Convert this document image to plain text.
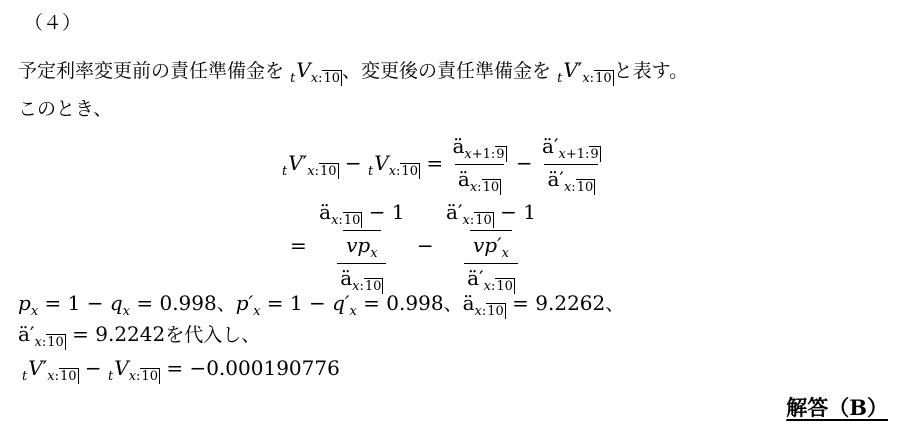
（４）
予定利率変更前の責任準備金を $_tV_{x:10}$ 、変更後の責任準備金を $_tV'_{x:10}$ と表す。
このとき、
$_tV'_{x:10} - _tV_{x:10} = \frac{ä_{x+1:9}}{ä_{x:10}} - \frac{ä'_{x+1:9}}{ä'_{x:10}}$
= $\frac{\frac{ä_{x:10} - 1}{vp_x}}{ä_{x:10}} - \frac{\frac{ä'_{x:10} - 1}{vp'_x}}{ä'_{x:10}}$
$p_x = 1 - q_x = 0.998$、$p'_x = 1 - q'_x = 0.998$、$ä_{x:10} = 9.2262$、
$ä'_{x:10} = 9.2242$を代入し、
$_tV'_{x:10} - _tV_{x:10} = -0.000190776$
解答（B）
